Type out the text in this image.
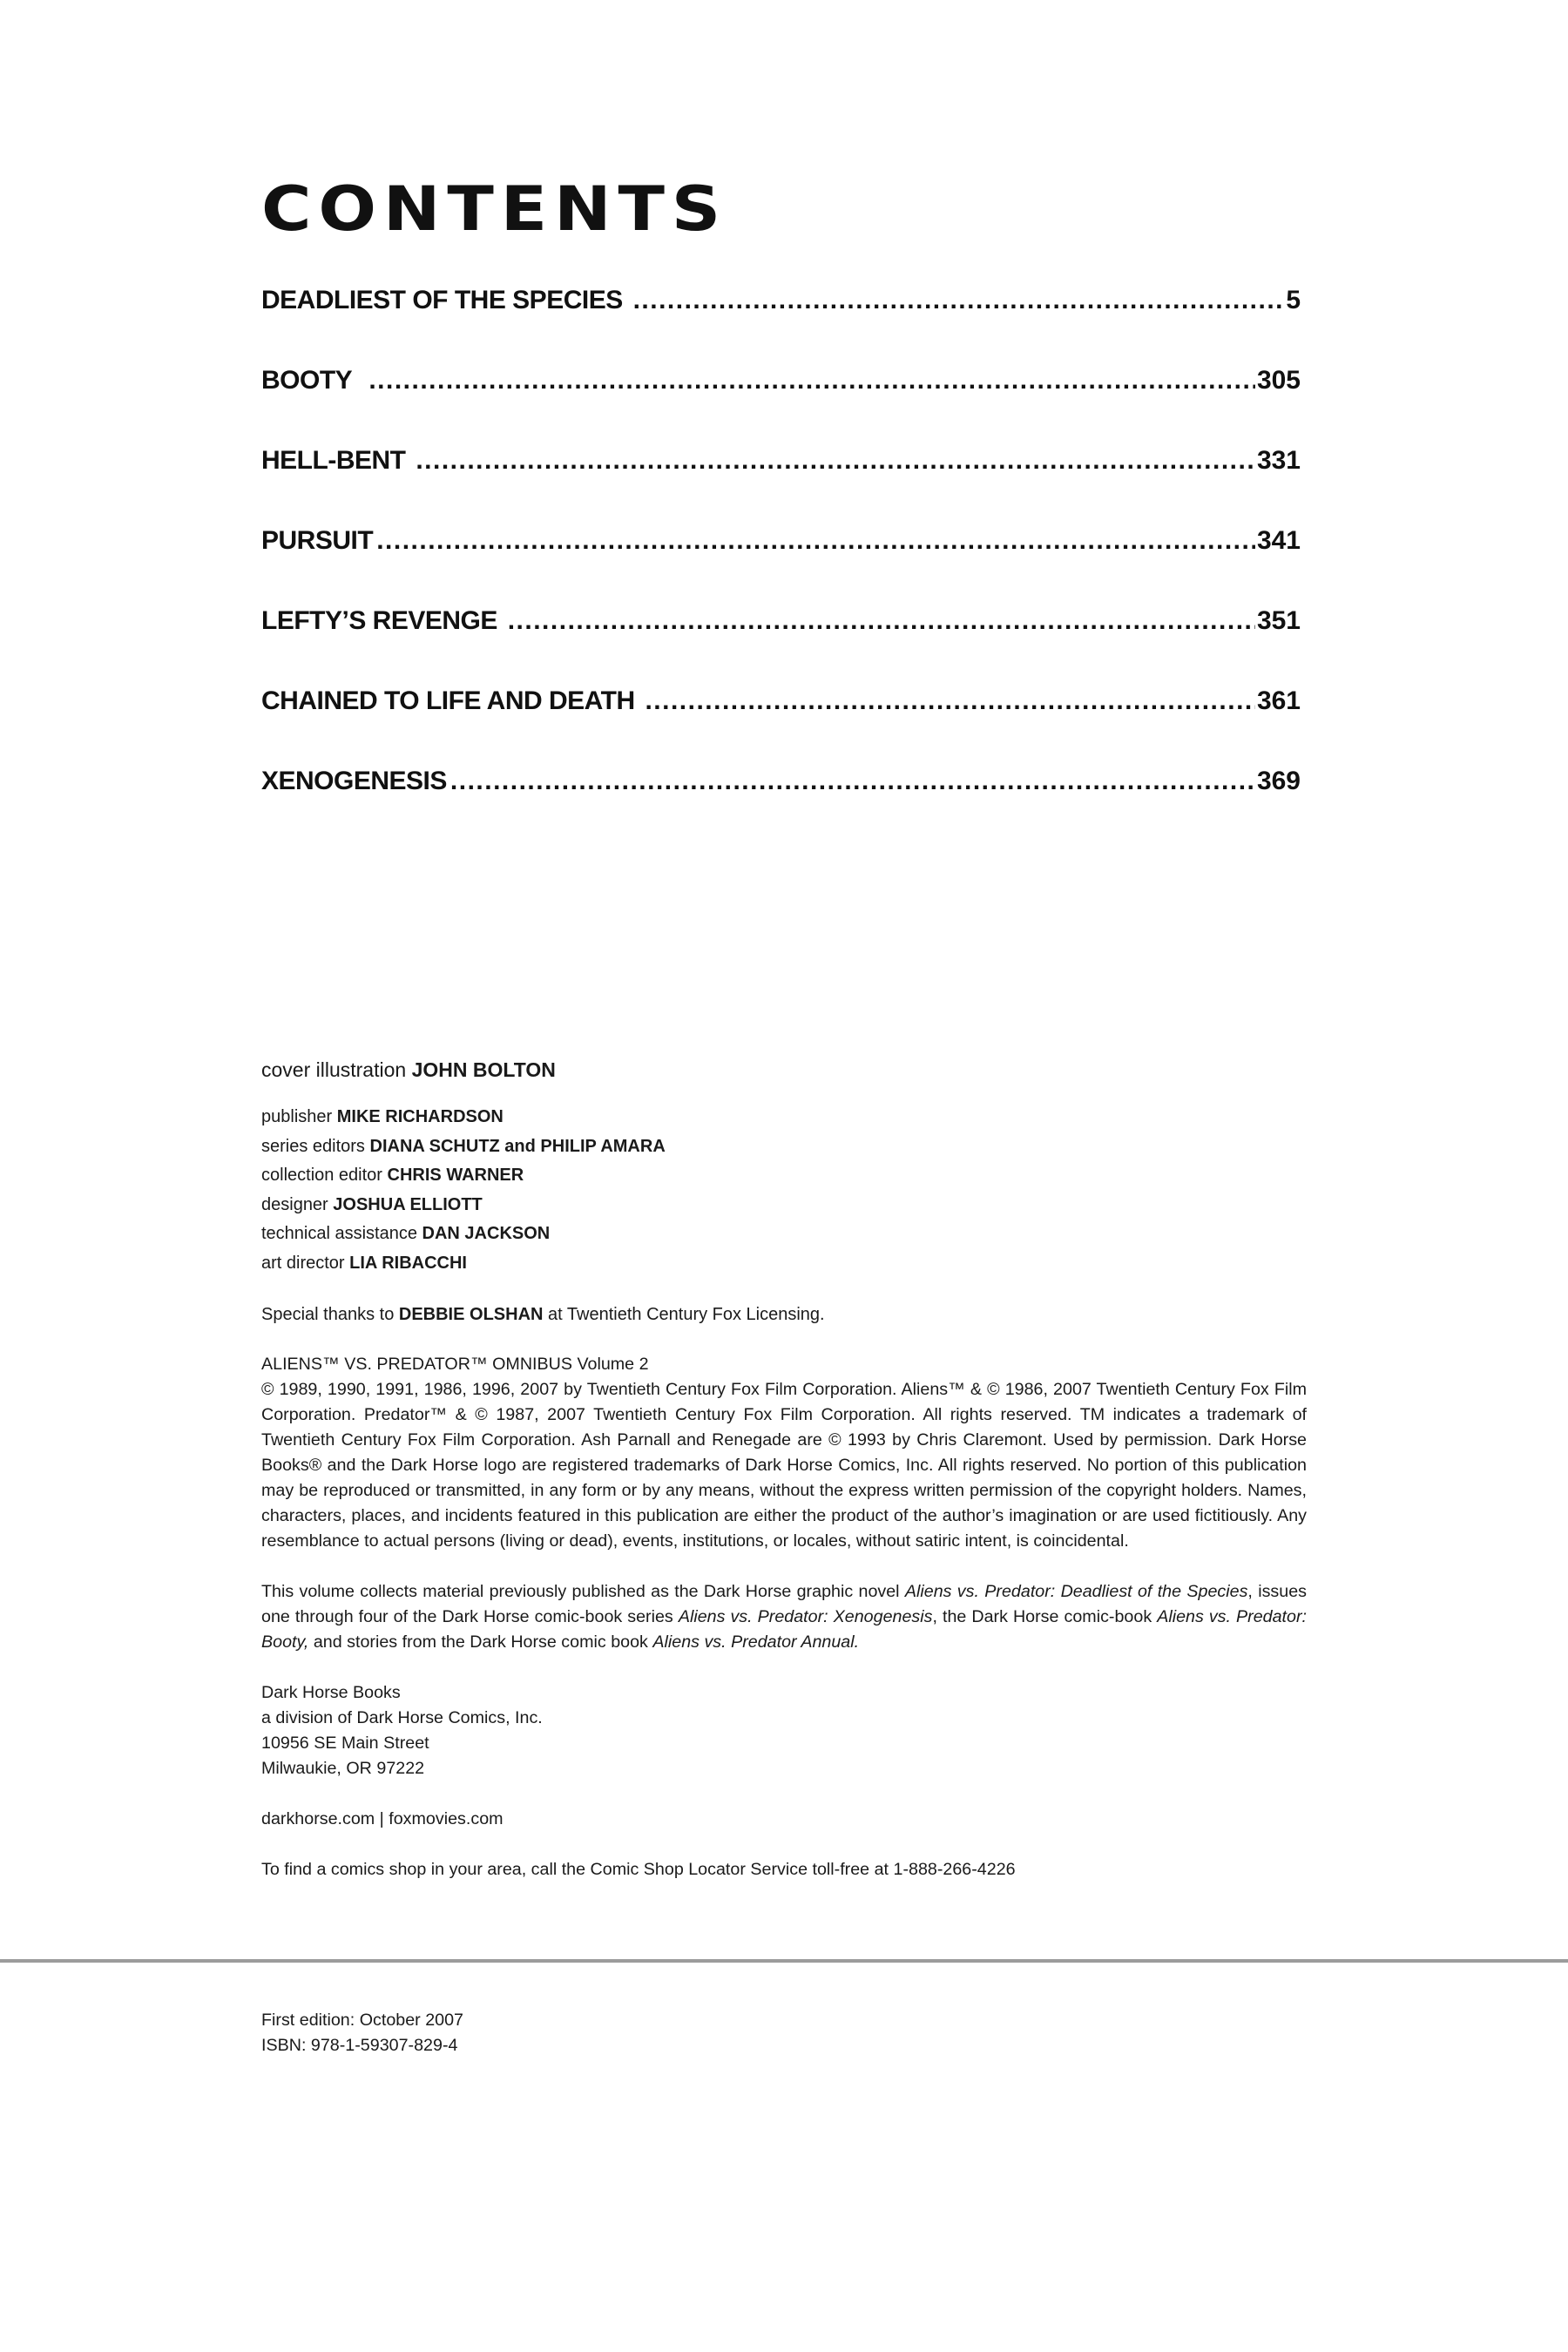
CONTENTS
DEADLIEST OF THE SPECIES .....	5
BOOTY .....	305
HELL-BENT .....	331
PURSUIT .....	341
LEFTY’S REVENGE .....	351
CHAINED TO LIFE AND DEATH .....	361
XENOGENESIS .....	369
cover illustration JOHN BOLTON
publisher MIKE RICHARDSON
series editors DIANA SCHUTZ and PHILIP AMARA
collection editor CHRIS WARNER
designer JOSHUA ELLIOTT
technical assistance DAN JACKSON
art director LIA RIBACCHI
Special thanks to DEBBIE OLSHAN at Twentieth Century Fox Licensing.

ALIENS™ VS. PREDATOR™ OMNIBUS Volume 2

© 1989, 1990, 1991, 1986, 1996, 2007 by Twentieth Century Fox Film Corporation. Aliens™ & © 1986, 2007 Twentieth Century Fox Film Corporation. Predator™ & © 1987, 2007 Twentieth Century Fox Film Corporation. All rights reserved. TM indicates a trademark of Twentieth Century Fox Film Corporation. Ash Parnall and Renegade are © 1993 by Chris Claremont. Used by permission. Dark Horse Books® and the Dark Horse logo are registered trademarks of Dark Horse Comics, Inc. All rights reserved. No portion of this publication may be reproduced or transmitted, in any form or by any means, without the express written permission of the copyright holders. Names, characters, places, and incidents featured in this publication are either the product of the author’s imagination or are used fictitiously. Any resemblance to actual persons (living or dead), events, institutions, or locales, without satiric intent, is coincidental.

This volume collects material previously published as the Dark Horse graphic novel Aliens vs. Predator: Deadliest of the Species, issues one through four of the Dark Horse comic-book series Aliens vs. Predator: Xenogenesis, the Dark Horse comic-book Aliens vs. Predator: Booty, and stories from the Dark Horse comic book Aliens vs. Predator Annual.
Dark Horse Books
a division of Dark Horse Comics, Inc.
10956 SE Main Street
Milwaukie, OR 97222
darkhorse.com | foxmovies.com
To find a comics shop in your area, call the Comic Shop Locator Service toll-free at 1-888-266-4226
First edition: October 2007
ISBN: 978-1-59307-829-4
